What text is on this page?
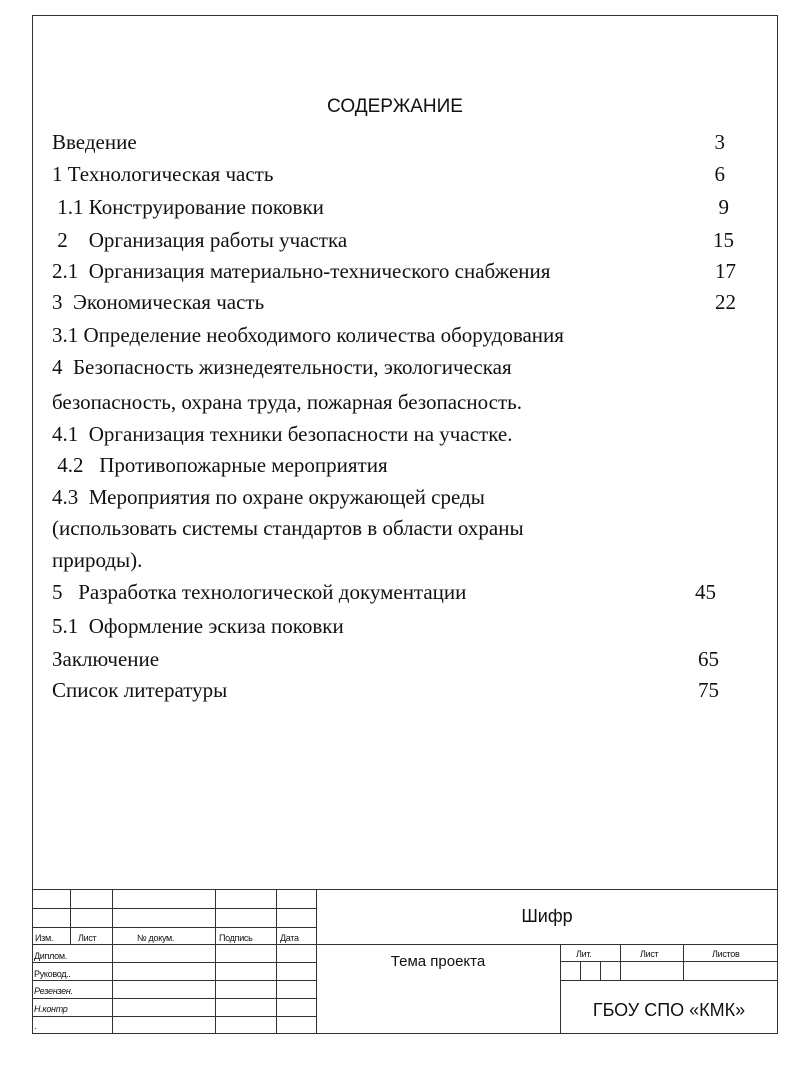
СОДЕРЖАНИЕ
Введение	3
1 Технологическая часть	6
1.1 Конструирование поковки	9
2    Организация работы участка	15
2.1  Организация материально-технического снабжения	17
3  Экономическая часть	22
3.1 Определение необходимого количества оборудования
4  Безопасность жизнедеятельности, экологическая
безопасность, охрана труда, пожарная безопасность.
4.1  Организация техники безопасности на участке.
4.2   Противопожарные мероприятия
4.3  Мероприятия по охране окружающей среды
(использовать системы стандартов в области охраны
природы).
5   Разработка технологической документации	45
5.1  Оформление эскиза поковки
Заключение	65
Список литературы	75
Изм.	Лист	№ докум.	Подпись	Дата
Диплом.
Руковод..
Резензен.
Н.контр
.
Шифр
Тема проекта	Лит.	Лист	Листов
ГБОУ СПО «КМК»
